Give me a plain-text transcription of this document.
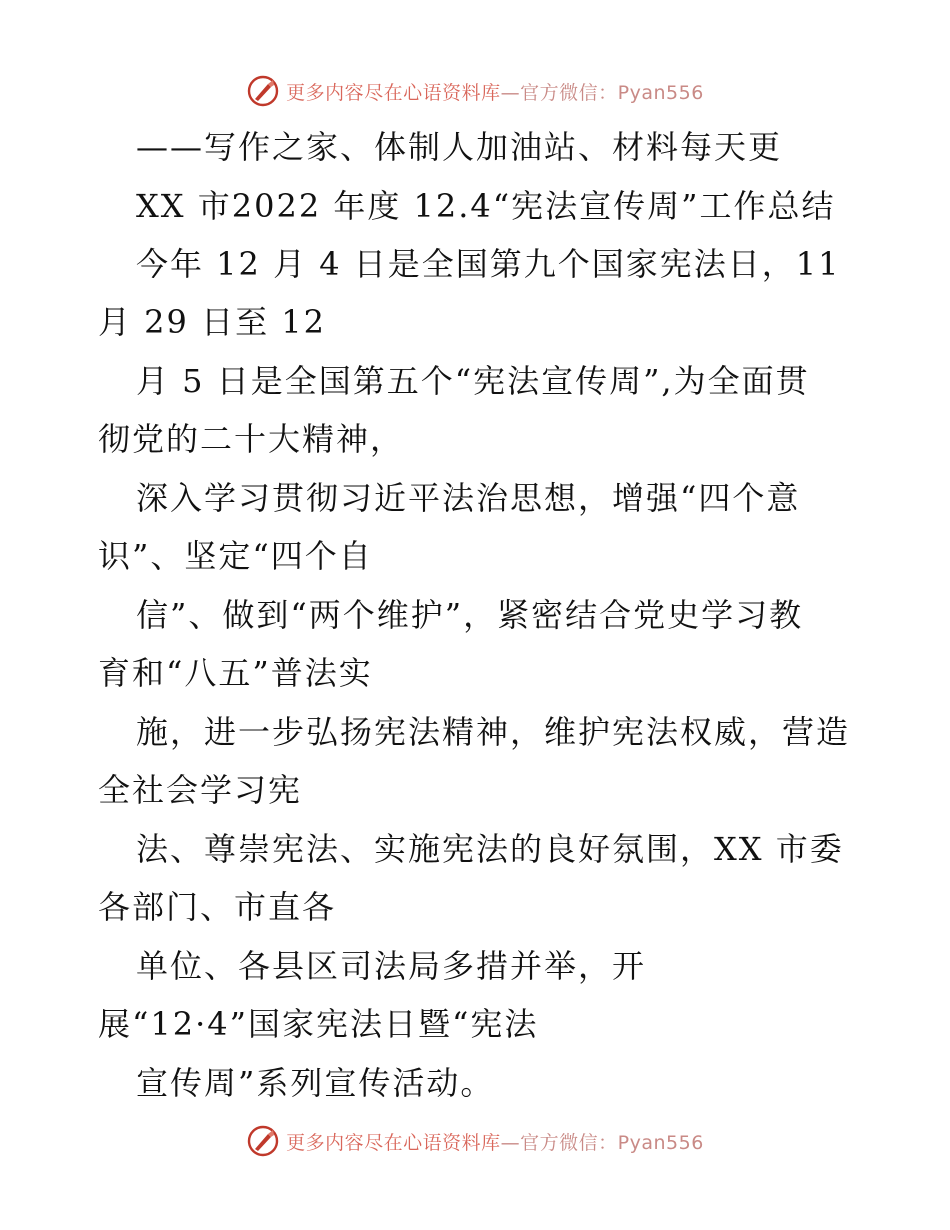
更多内容尽在心语资料库—官方微信：Pyan556
——写作之家、体制人加油站、材料每天更
XX 市2022 年度 12.4“宪法宣传周”工作总结
今年 12 月 4 日是全国第九个国家宪法日，11
月 29 日至 12
月 5 日是全国第五个“宪法宣传周”,为全面贯
彻党的二十大精神，
深入学习贯彻习近平法治思想，增强“四个意
识”、坚定“四个自
信”、做到“两个维护”，紧密结合党史学习教
育和“八五”普法实
施，进一步弘扬宪法精神，维护宪法权威，营造
全社会学习宪
法、尊崇宪法、实施宪法的良好氛围，XX 市委
各部门、市直各
单位、各县区司法局多措并举，开
展“12·4”国家宪法日暨“宪法
宣传周”系列宣传活动。
更多内容尽在心语资料库—官方微信：Pyan556
